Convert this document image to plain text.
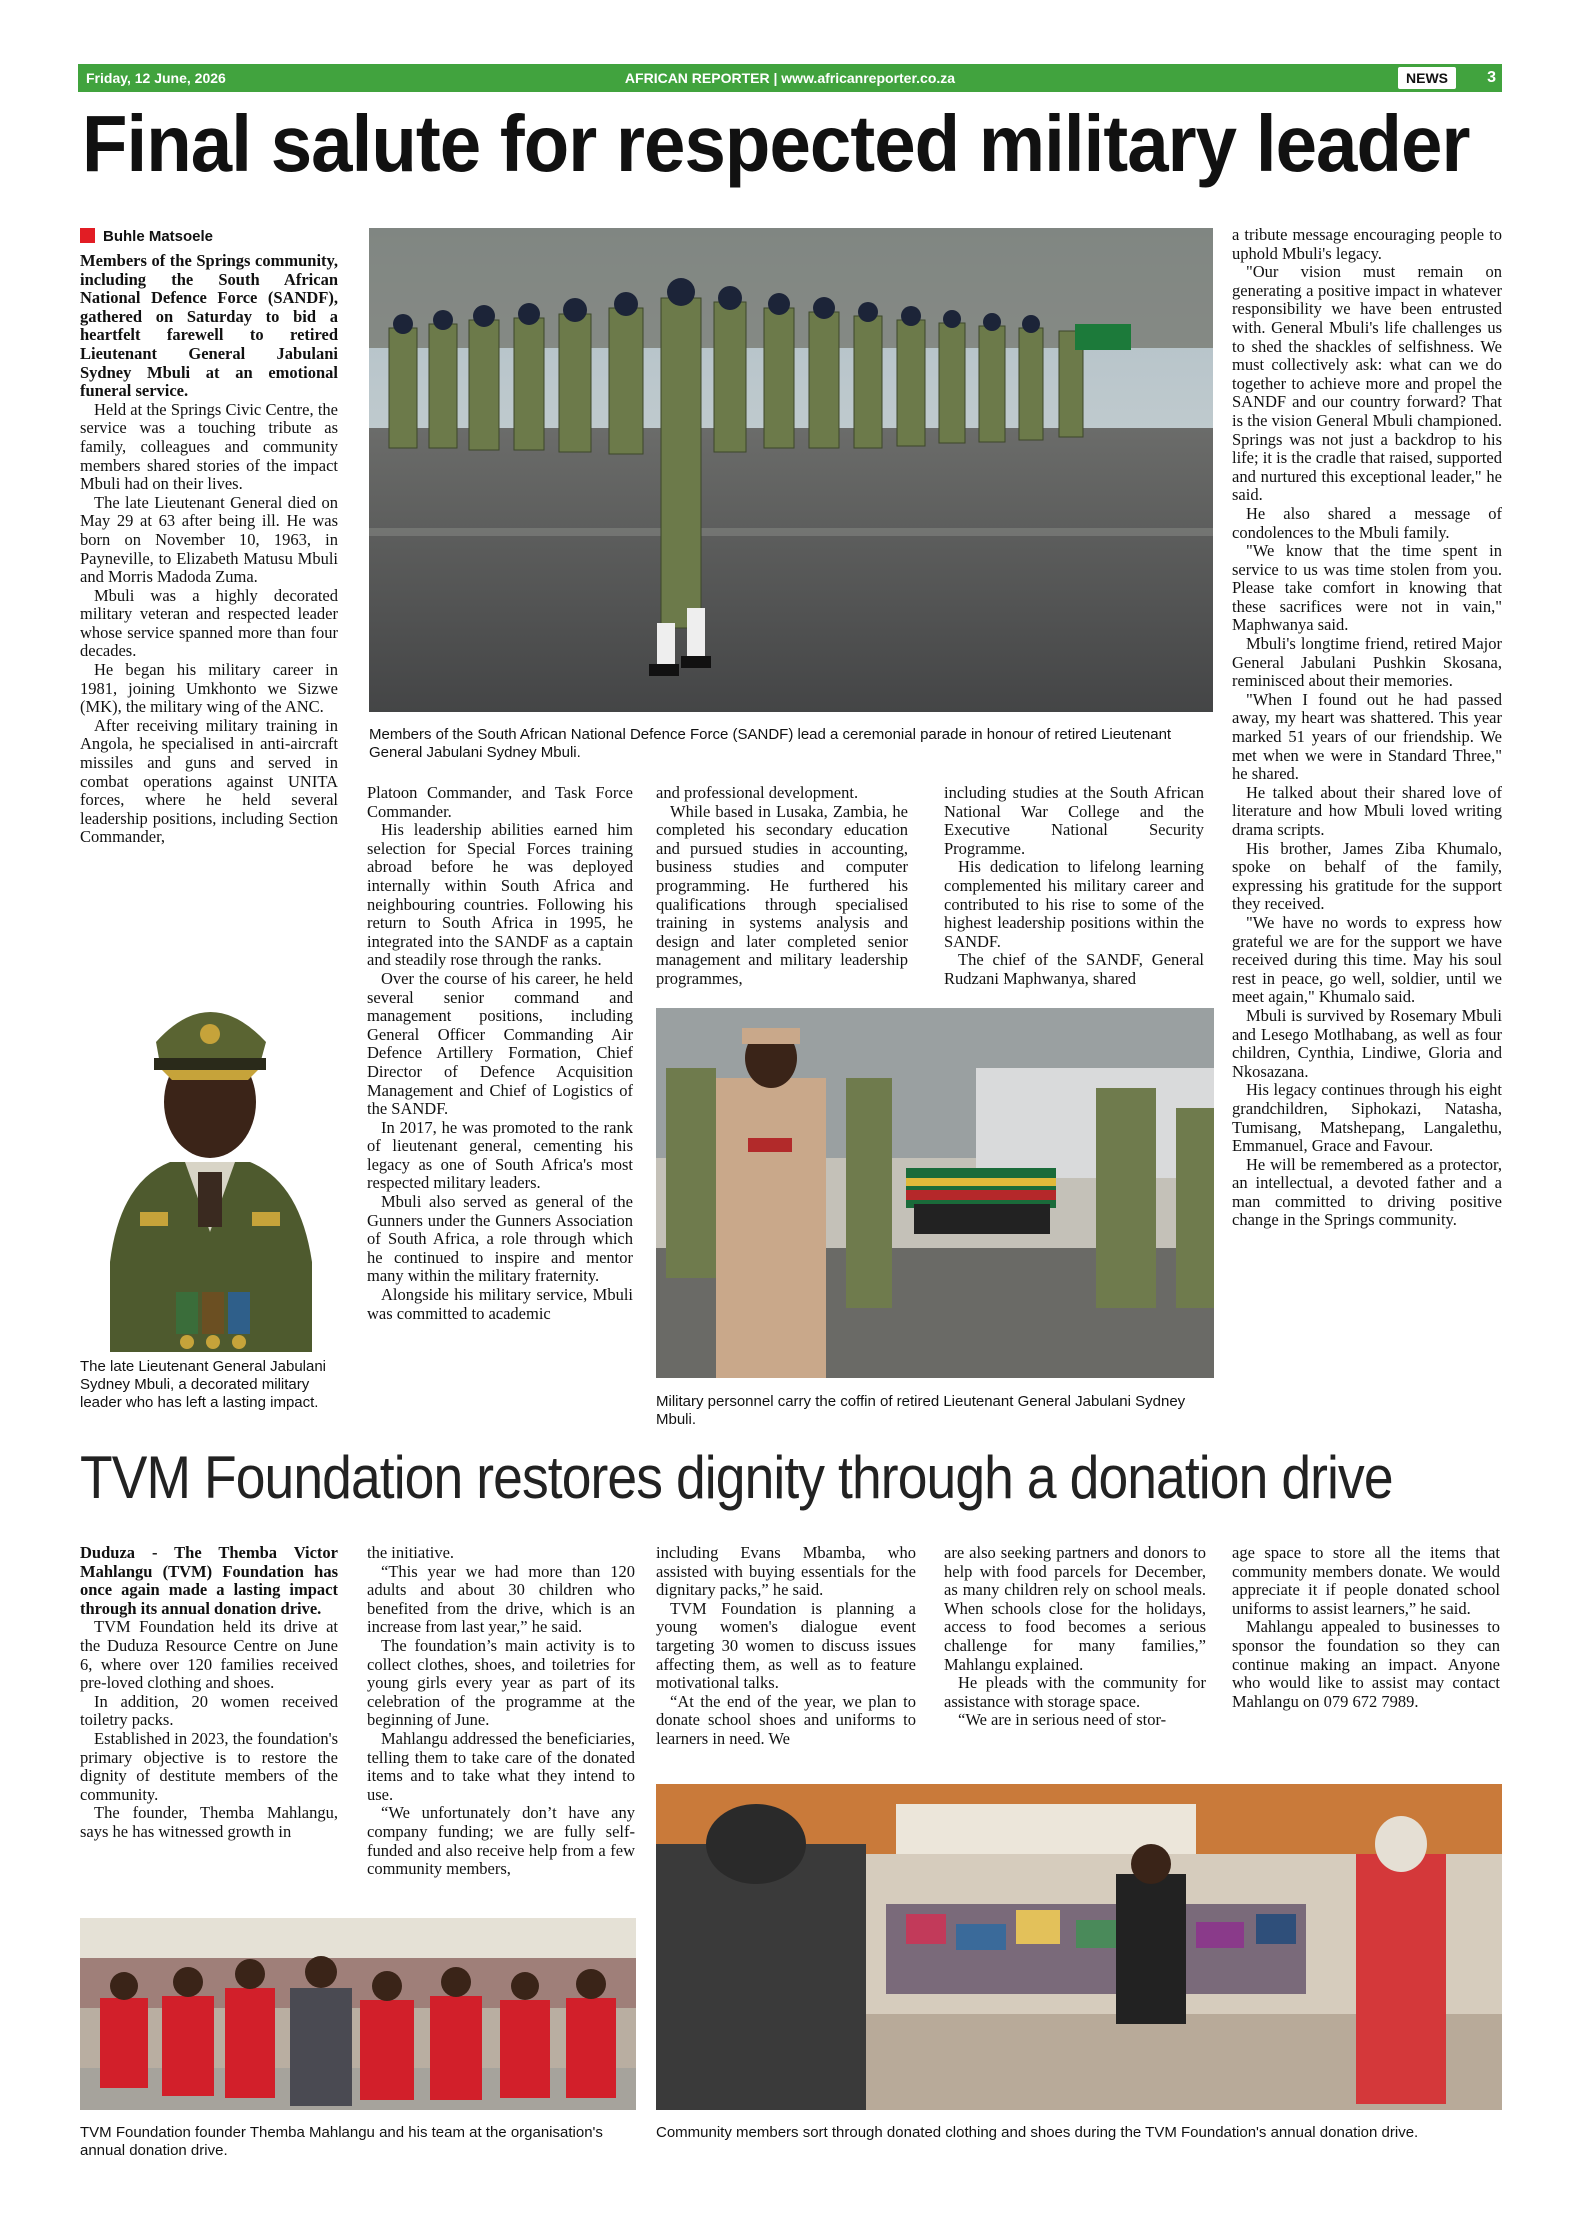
Friday, 12 June, 2026	AFRICAN REPORTER | www.africanreporter.co.za	NEWS	3
Final salute for respected military leader
Buhle Matsoele

Members of the Springs community, including the South African National Defence Force (SANDF), gathered on Saturday to bid a heartfelt farewell to retired Lieutenant General Jabulani Sydney Mbuli at an emotional funeral service.

Held at the Springs Civic Centre, the service was a touching tribute as family, colleagues and community members shared stories of the impact Mbuli had on their lives.

The late Lieutenant General died on May 29 at 63 after being ill. He was born on November 10, 1963, in Payneville, to Elizabeth Matusu Mbuli and Morris Madoda Zuma.

Mbuli was a highly decorated military veteran and respected leader whose service spanned more than four decades.

He began his military career in 1981, joining Umkhonto we Sizwe (MK), the military wing of the ANC.

After receiving military training in Angola, he specialised in anti-aircraft missiles and guns and served in combat operations against UNITA forces, where he held several leadership positions, including Section Commander,

Members of the South African National Defence Force (SANDF) lead a ceremonial parade in honour of retired Lieutenant General Jabulani Sydney Mbuli.
The late Lieutenant General Jabulani Sydney Mbuli, a decorated military leader who has left a lasting impact.

Platoon Commander, and Task Force Commander.

His leadership abilities earned him selection for Special Forces training abroad before he was deployed internally within South Africa and neighbouring countries. Following his return to South Africa in 1995, he integrated into the SANDF as a captain and steadily rose through the ranks.

Over the course of his career, he held several senior command and management positions, including General Officer Commanding Air Defence Artillery Formation, Chief Director of Defence Acquisition Management and Chief of Logistics of the SANDF.

In 2017, he was promoted to the rank of lieutenant general, cementing his legacy as one of South Africa's most respected military leaders.

Mbuli also served as general of the Gunners under the Gunners Association of South Africa, a role through which he continued to inspire and mentor many within the military fraternity.

Alongside his military service, Mbuli was committed to academic

and professional development.

While based in Lusaka, Zambia, he completed his secondary education and pursued studies in accounting, business studies and computer programming. He furthered his qualifications through specialised training in systems analysis and design and later completed senior management and military leadership programmes,

including studies at the South African National War College and the Executive National Security Programme.

His dedication to lifelong learning complemented his military career and contributed to his rise to some of the highest leadership positions within the SANDF.

The chief of the SANDF, General Rudzani Maphwanya, shared

Military personnel carry the coffin of retired Lieutenant General Jabulani Sydney Mbuli.

a tribute message encouraging people to uphold Mbuli's legacy.

"Our vision must remain on generating a positive impact in whatever responsibility we have been entrusted with. General Mbuli's life challenges us to shed the shackles of selfishness. We must collectively ask: what can we do together to achieve more and propel the SANDF and our country forward? That is the vision General Mbuli championed. Springs was not just a backdrop to his life; it is the cradle that raised, supported and nurtured this exceptional leader," he said.

He also shared a message of condolences to the Mbuli family.

"We know that the time spent in service to us was time stolen from you. Please take comfort in knowing that these sacrifices were not in vain," Maphwanya said.

Mbuli's longtime friend, retired Major General Jabulani Pushkin Skosana, reminisced about their memories.

"When I found out he had passed away, my heart was shattered. This year marked 51 years of our friendship. We met when we were in Standard Three," he shared.

He talked about their shared love of literature and how Mbuli loved writing drama scripts.

His brother, James Ziba Khumalo, spoke on behalf of the family, expressing his gratitude for the support they received.

"We have no words to express how grateful we are for the support we have received during this time. May his soul rest in peace, go well, soldier, until we meet again," Khumalo said.

Mbuli is survived by Rosemary Mbuli and Lesego Motlhabang, as well as four children, Cynthia, Lindiwe, Gloria and Nkosazana.

His legacy continues through his eight grandchildren, Siphokazi, Natasha, Tumisang, Matshepang, Langalethu, Emmanuel, Grace and Favour.

He will be remembered as a protector, an intellectual, a devoted father and a man committed to driving positive change in the Springs community.

TVM Foundation restores dignity through a donation drive

Duduza - The Themba Victor Mahlangu (TVM) Foundation has once again made a lasting impact through its annual donation drive.

TVM Foundation held its drive at the Duduza Resource Centre on June 6, where over 120 families received pre-loved clothing and shoes.

In addition, 20 women received toiletry packs.

Established in 2023, the foundation's primary objective is to restore the dignity of destitute members of the community.

The founder, Themba Mahlangu, says he has witnessed growth in

the initiative.

“This year we had more than 120 adults and about 30 children who benefited from the drive, which is an increase from last year,” he said.

The foundation’s main activity is to collect clothes, shoes, and toiletries for young girls every year as part of its celebration of the programme at the beginning of June.

Mahlangu addressed the beneficiaries, telling them to take care of the donated items and to take what they intend to use.

“We unfortunately don’t have any company funding; we are fully self-funded and also receive help from a few community members,

including Evans Mbamba, who assisted with buying essentials for the dignitary packs,” he said.

TVM Foundation is planning a young women's dialogue event targeting 30 women to discuss issues affecting them, as well as to feature motivational talks.

“At the end of the year, we plan to donate school shoes and uniforms to learners in need. We

are also seeking partners and donors to help with food parcels for December, as many children rely on school meals. When schools close for the holidays, access to food becomes a serious challenge for many families,” Mahlangu explained.

He pleads with the community for assistance with storage space.

“We are in serious need of stor-

age space to store all the items that community members donate. We would appreciate it if people donated school uniforms to assist learners,” he said.

Mahlangu appealed to businesses to sponsor the foundation so they can continue making an impact. Anyone who would like to assist may contact Mahlangu on 079 672 7989.

TVM Foundation founder Themba Mahlangu and his team at the organisation's annual donation drive.
Community members sort through donated clothing and shoes during the TVM Foundation's annual donation drive.
